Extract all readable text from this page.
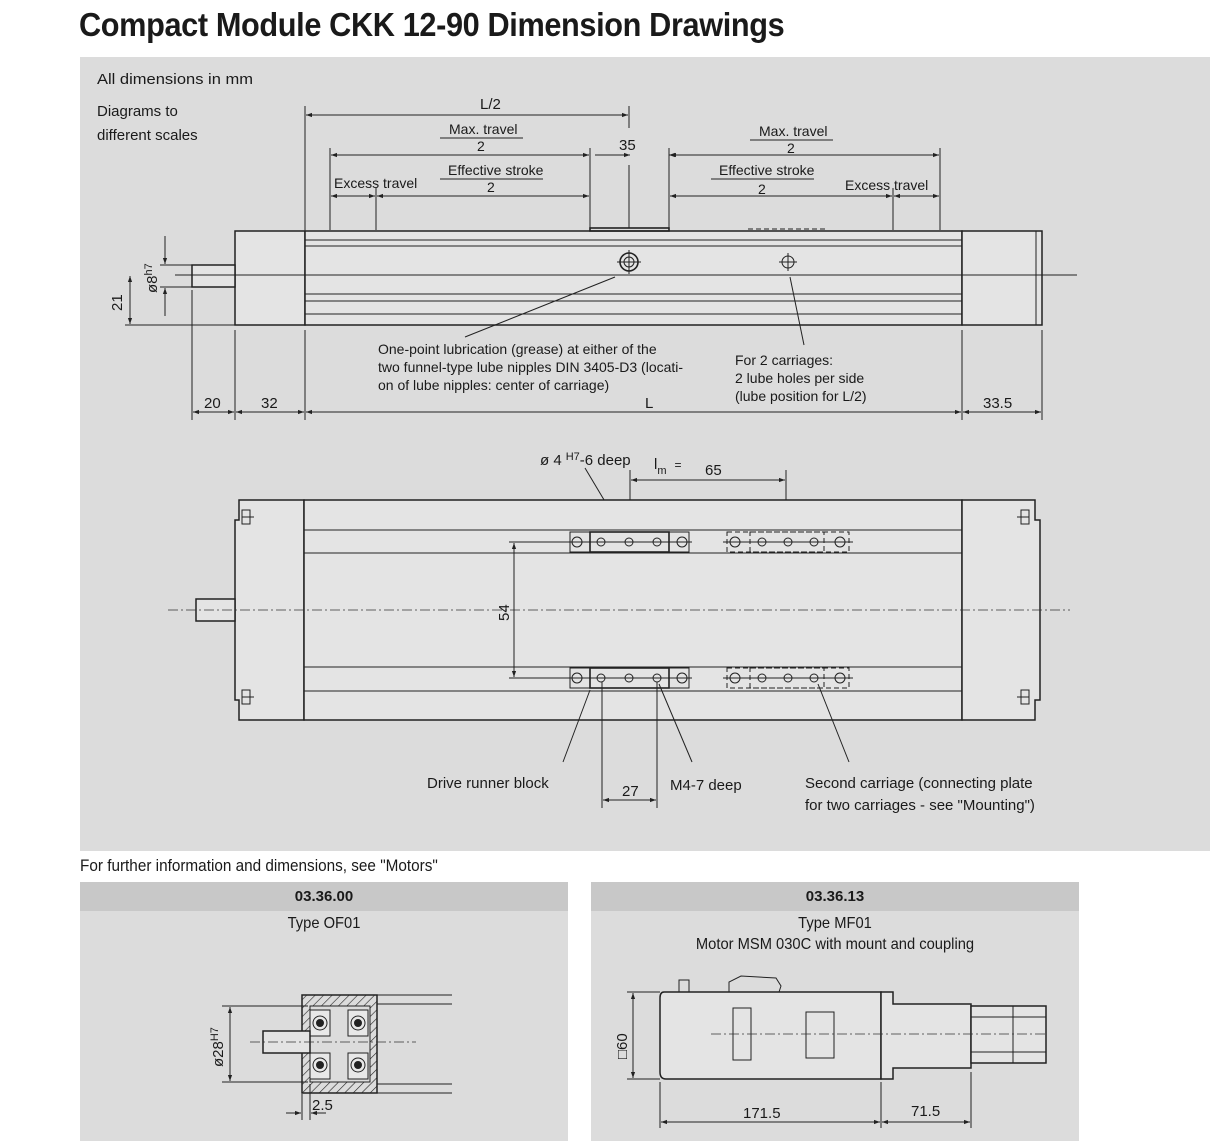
Compact Module CKK 12-90 Dimension Drawings
All dimensions in mm
Diagrams to
different scales
L/2
Max. travel
2	35
Max. travel
2
Excess travel
Effective stroke
2
Effective stroke
2	Excess travel
One-point lubrication (grease) at either of the
two funnel-type lube nipples DIN 3405-D3 (locati-
on of lube nipples: center of carriage)
For 2 carriages:
2 lube holes per side
(lube position for L/2)
$ø8^{h7}$
21
20	32	L	33.5
ø 4 $^{H7}$-6 deep $l_m$ = 65
54
Drive runner block	27 M4-7 deep	Second carriage (connecting plate
for two carriages - see "Mounting")
For further information and dimensions, see "Motors"
03.36.00
Type OF01
$ø28^{H7}$
2.5
03.36.13
Type MF01
Motor MSM 030C with mount and coupling
□60
171.5	71.5
